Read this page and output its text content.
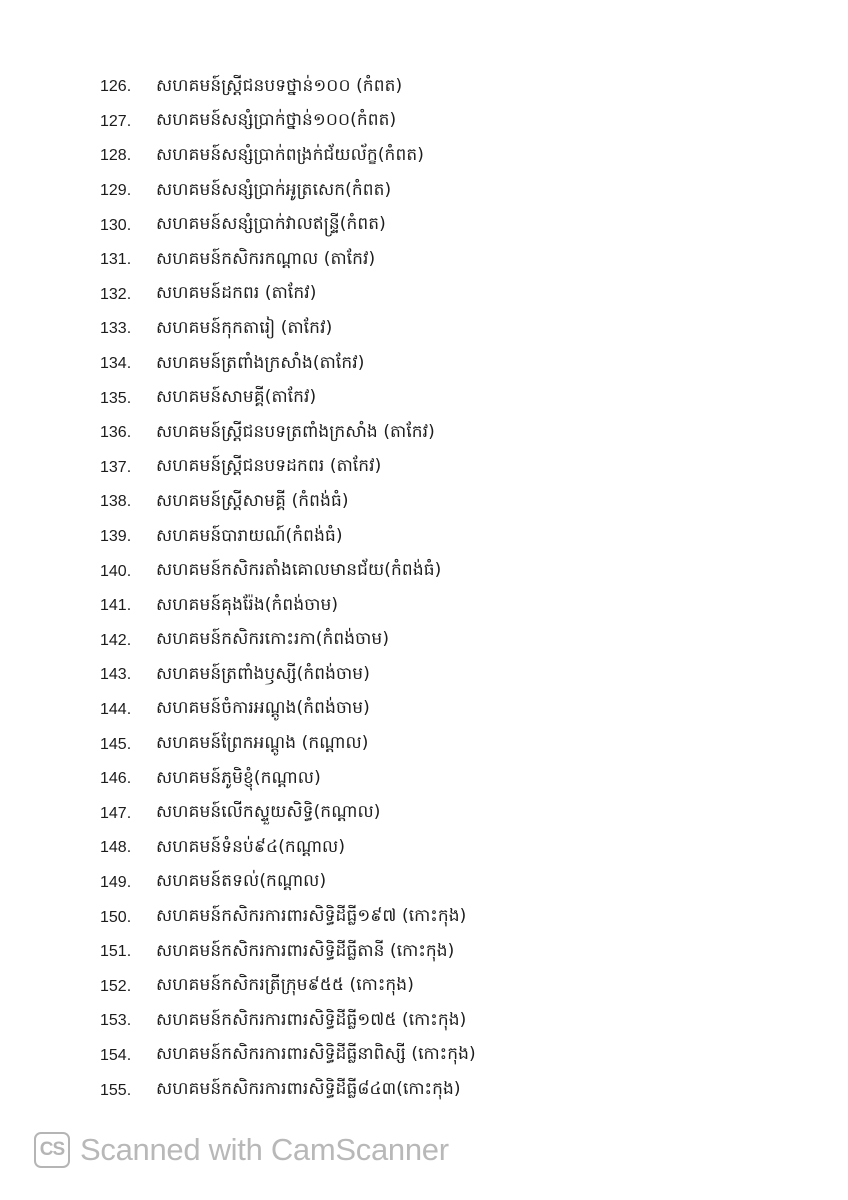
126.	សហគមន៍ស្ត្រីជនបទថ្នាន់១០០ (កំពត)
127.	សហគមន៍សន្សំប្រាក់ថ្នាន់១០០(កំពត)
128.	សហគមន៍សន្សំប្រាក់ពង្រក់ជ័យល័ក្ខ(កំពត)
129.	សហគមន៍សន្សំប្រាក់អូត្រសេក(កំពត)
130.	សហគមន៍សន្សំប្រាក់វាលឥន្ទ្រី(កំពត)
131.	សហគមន៍កសិករកណ្តាល (តាកែវ)
132.	សហគមន៍ដកពរ (តាកែវ)
133.	សហគមន៍កុកតារៀ (តាកែវ)
134.	សហគមន៍ត្រពាំងក្រសាំង(តាកែវ)
135.	សហគមន៍សាមគ្គី(តាកែវ)
136.	សហគមន៍ស្ត្រីជនបទត្រពាំងក្រសាំង (តាកែវ)
137.	សហគមន៍ស្ត្រីជនបទដកពរ (តាកែវ)
138.	សហគមន៍ស្ត្រីសាមគ្គី (កំពង់ធំ)
139.	សហគមន៍បារាយណ៍(កំពង់ធំ)
140.	សហគមន៍កសិករតាំងគោលមានជ័យ(កំពង់ធំ)
141.	សហគមន៍គុងរ៉ែង(កំពង់ចាម)
142.	សហគមន៍កសិករកោះរកា(កំពង់ចាម)
143.	សហគមន៍ត្រពាំងឫស្សី(កំពង់ចាម)
144.	សហគមន៍ចំការអណ្តូង(កំពង់ចាម)
145.	សហគមន៍ព្រែកអណ្តូង (កណ្តាល)
146.	សហគមន៍ភូមិខ្ញុំ(កណ្តាល)
147.	សហគមន៍លើកស្ទួយសិទ្ធិ(កណ្តាល)
148.	សហគមន៍ទំនប់៩៤(កណ្តាល)
149.	សហគមន៍តទល់(កណ្តាល)
150.	សហគមន៍កសិករការពារសិទ្ធិដីធ្លី១៩៧ (កោះកុង)
151.	សហគមន៍កសិករការពារសិទ្ធិដីធ្លីតានី (កោះកុង)
152.	សហគមន៍កសិករត្រីក្រុម៩៥៥ (កោះកុង)
153.	សហគមន៍កសិករការពារសិទ្ធិដីធ្លី១៧៥ (កោះកុង)
154.	សហគមន៍កសិករការពារសិទ្ធិដីធ្លីនាពិស្សី (កោះកុង)
155.	សហគមន៍កសិករការពារសិទ្ធិដីធ្លី៨៤៣(កោះកុង)
CS Scanned with CamScanner
